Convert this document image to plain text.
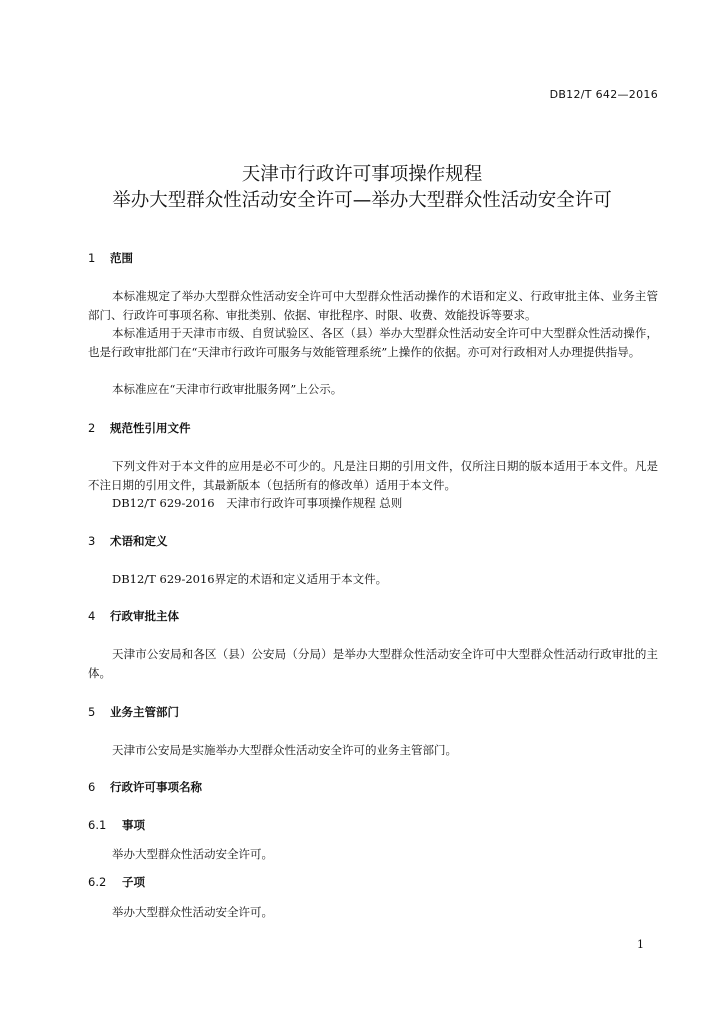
DB12/T 642—2016
天津市行政许可事项操作规程
举办大型群众性活动安全许可—举办大型群众性活动安全许可
1 范围
本标准规定了举办大型群众性活动安全许可中大型群众性活动操作的术语和定义、行政审批主体、业务主管部门、行政许可事项名称、审批类别、依据、审批程序、时限、收费、效能投诉等要求。
本标准适用于天津市市级、自贸试验区、各区（县）举办大型群众性活动安全许可中大型群众性活动操作，也是行政审批部门在“天津市行政许可服务与效能管理系统”上操作的依据。亦可对行政相对人办理提供指导。
本标准应在“天津市行政审批服务网”上公示。
2 规范性引用文件
下列文件对于本文件的应用是必不可少的。凡是注日期的引用文件，仅所注日期的版本适用于本文件。凡是不注日期的引用文件，其最新版本（包括所有的修改单）适用于本文件。
DB12/T 629-2016　天津市行政许可事项操作规程 总则
3 术语和定义
DB12/T 629-2016界定的术语和定义适用于本文件。
4 行政审批主体
天津市公安局和各区（县）公安局（分局）是举办大型群众性活动安全许可中大型群众性活动行政审批的主体。
5 业务主管部门
天津市公安局是实施举办大型群众性活动安全许可的业务主管部门。
6 行政许可事项名称
6.1 事项
举办大型群众性活动安全许可。
6.2 子项
举办大型群众性活动安全许可。
1
